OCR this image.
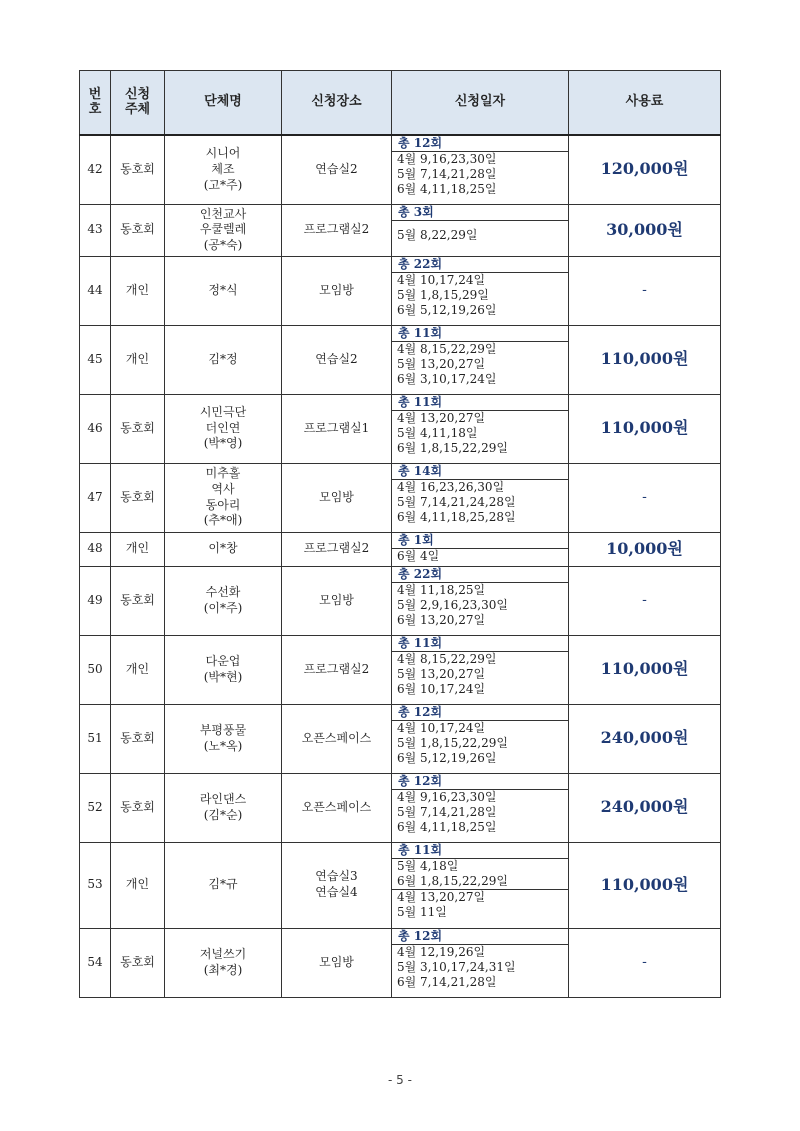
번
호	신청
주체	단체명	신청장소	신청일자	사용료
42	동호회	시니어
체조
(고*주)	연습실2	총 12회
4월 9,16,23,30일
5월 7,14,21,28일
6월 4,11,18,25일	120,000원
43	동호회	인천교사
우쿨렐레
(공*숙)	프로그램실2	총 3회
5월 8,22,29일	30,000원
44	개인	정*식	모임방	총 22회
4월 10,17,24일
5월 1,8,15,29일
6월 5,12,19,26일	-
45	개인	김*정	연습실2	총 11회
4월 8,15,22,29일
5월 13,20,27일
6월 3,10,17,24일	110,000원
46	동호회	시민극단
더인연
(박*영)	프로그램실1	총 11회
4월 13,20,27일
5월 4,11,18일
6월 1,8,15,22,29일	110,000원
47	동호회	미추홀
역사
동아리
(추*애)	모임방	총 14회
4월 16,23,26,30일
5월 7,14,21,24,28일
6월 4,11,18,25,28일	-
48	개인	이*창	프로그램실2	총 1회
6월 4일	10,000원
49	동호회	수선화
(이*주)	모임방	총 22회
4월 11,18,25일
5월 2,9,16,23,30일
6월 13,20,27일	-
50	개인	다운업
(박*현)	프로그램실2	총 11회
4월 8,15,22,29일
5월 13,20,27일
6월 10,17,24일	110,000원
51	동호회	부평풍물
(노*옥)	오픈스페이스	총 12회
4월 10,17,24일
5월 1,8,15,22,29일
6월 5,12,19,26일	240,000원
52	동호회	라인댄스
(김*순)	오픈스페이스	총 12회
4월 9,16,23,30일
5월 7,14,21,28일
6월 4,11,18,25일	240,000원
53	개인	김*규	연습실3
연습실4	총 11회
5월 4,18일
6월 1,8,15,22,29일
4월 13,20,27일
5월 11일	110,000원
54	동호회	저널쓰기
(최*경)	모임방	총 12회
4월 12,19,26일
5월 3,10,17,24,31일
6월 7,14,21,28일	-
- 5 -
